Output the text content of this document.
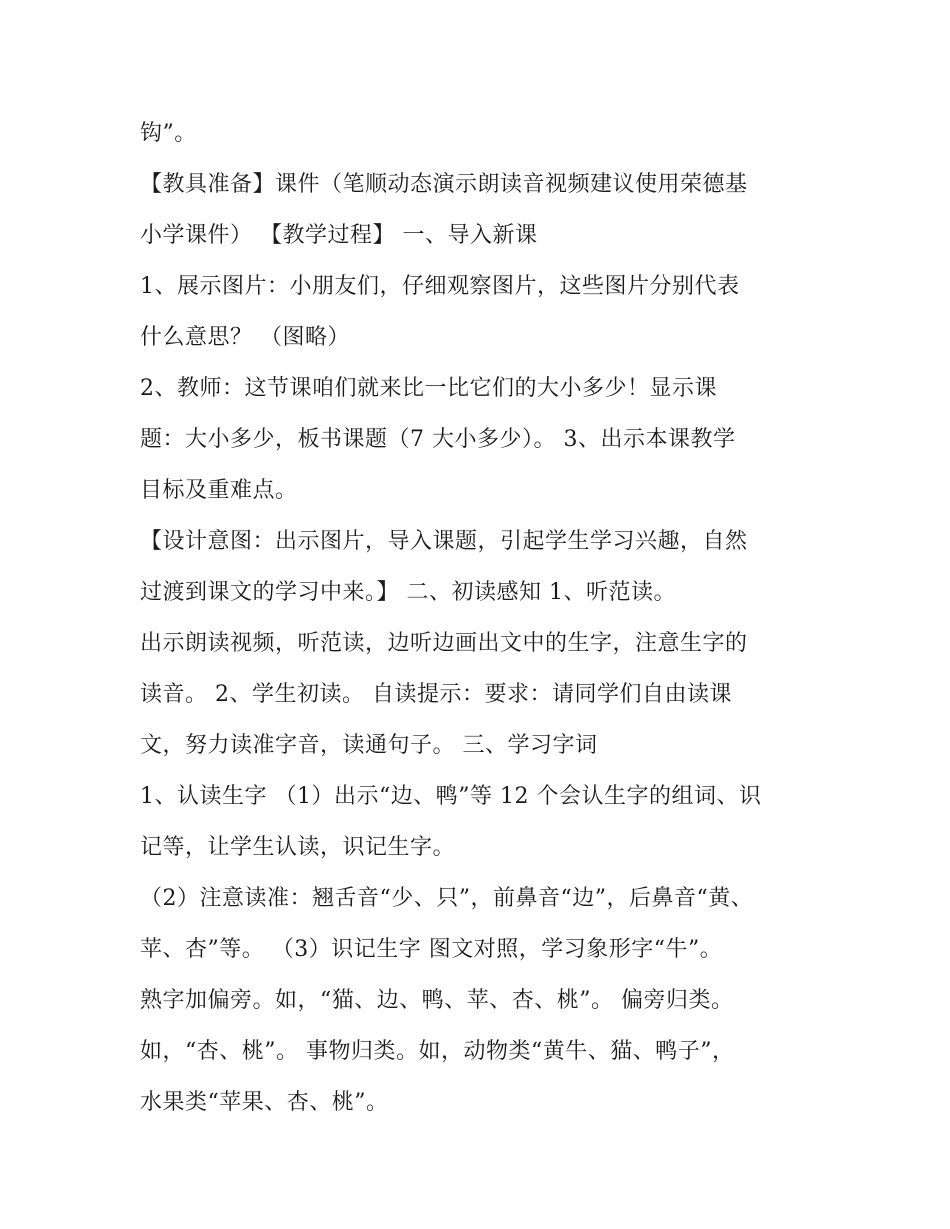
钩”。
【教具准备】课件（笔顺动态演示朗读音视频建议使用荣德基
小学课件） 【教学过程】 一、导入新课
1、展示图片：小朋友们，仔细观察图片，这些图片分别代表
什么意思？ （图略）
2、教师：这节课咱们就来比一比它们的大小多少！显示课
题：大小多少，板书课题（7 大小多少）。 3、出示本课教学
目标及重难点。
【设计意图：出示图片，导入课题，引起学生学习兴趣，自然
过渡到课文的学习中来。】 二、初读感知 1、听范读。
出示朗读视频，听范读，边听边画出文中的生字，注意生字的
读音。 2、学生初读。 自读提示：要求：请同学们自由读课
文，努力读准字音，读通句子。 三、学习字词
1、认读生字 （1）出示“边、鸭”等 12 个会认生字的组词、识
记等，让学生认读，识记生字。
（2）注意读准：翘舌音“少、只”，前鼻音“边”，后鼻音“黄、
苹、杏”等。 （3）识记生字 图文对照，学习象形字“牛”。
熟字加偏旁。如，“猫、边、鸭、苹、杏、桃”。 偏旁归类。
如，“杏、桃”。 事物归类。如，动物类“黄牛、猫、鸭子”，
水果类“苹果、杏、桃”。
